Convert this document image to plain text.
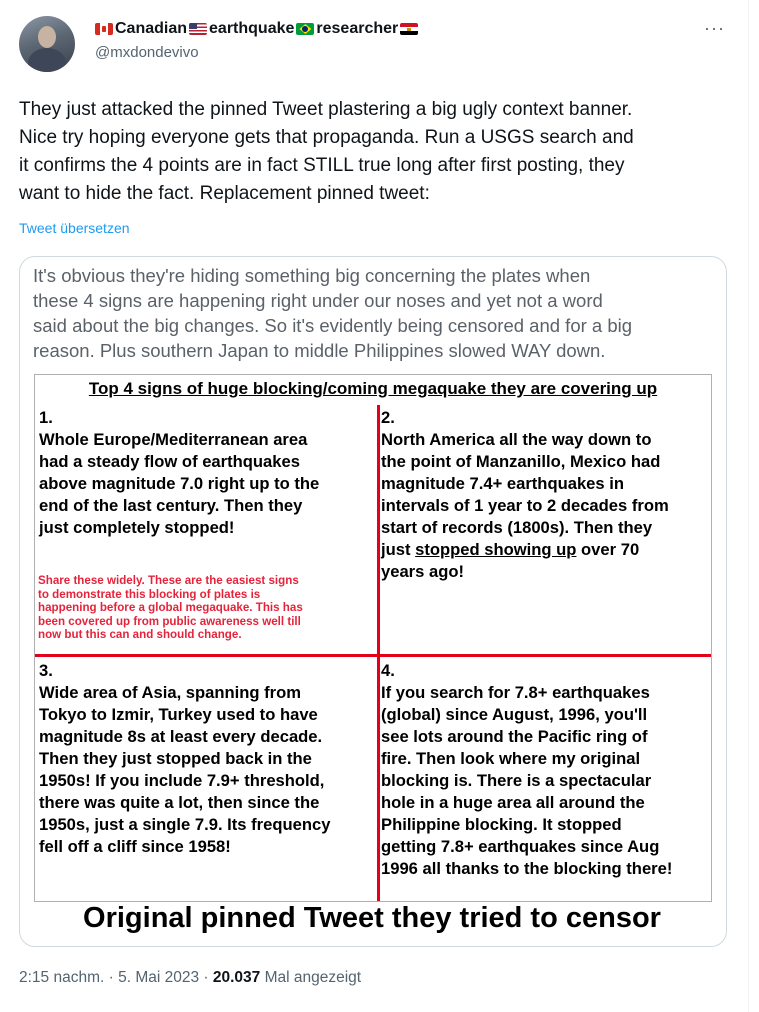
Canadian earthquake researcher
@mxdondevivo
···
They just attacked the pinned Tweet plastering a big ugly context banner.
Nice try hoping everyone gets that propaganda. Run a USGS search and
it confirms the 4 points are in fact STILL true long after first posting, they
want to hide the fact. Replacement pinned tweet:
Tweet übersetzen
It's obvious they're hiding something big concerning the plates when
these 4 signs are happening right under our noses and yet not a word
said about the big changes. So it's evidently being censored and for a big
reason. Plus southern Japan to middle Philippines slowed WAY down.
Top 4 signs of huge blocking/coming megaquake they are covering up
1.
Whole Europe/Mediterranean area
had a steady flow of earthquakes
above magnitude 7.0 right up to the
end of the last century. Then they
just completely stopped!
Share these widely. These are the easiest signs
to demonstrate this blocking of plates is
happening before a global megaquake. This has
been covered up from public awareness well till
now but this can and should change.
2.
North America all the way down to
the point of Manzanillo, Mexico had
magnitude 7.4+ earthquakes in
intervals of 1 year to 2 decades from
start of records (1800s). Then they
just stopped showing up over 70
years ago!
3.
Wide area of Asia, spanning from
Tokyo to Izmir, Turkey used to have
magnitude 8s at least every decade.
Then they just stopped back in the
1950s! If you include 7.9+ threshold,
there was quite a lot, then since the
1950s, just a single 7.9. Its frequency
fell off a cliff since 1958!
4.
If you search for 7.8+ earthquakes
(global) since August, 1996, you'll
see lots around the Pacific ring of
fire. Then look where my original
blocking is. There is a spectacular
hole in a huge area all around the
Philippine blocking. It stopped
getting 7.8+ earthquakes since Aug
1996 all thanks to the blocking there!
Original pinned Tweet they tried to censor
2:15 nachm. · 5. Mai 2023 · 20.037 Mal angezeigt
